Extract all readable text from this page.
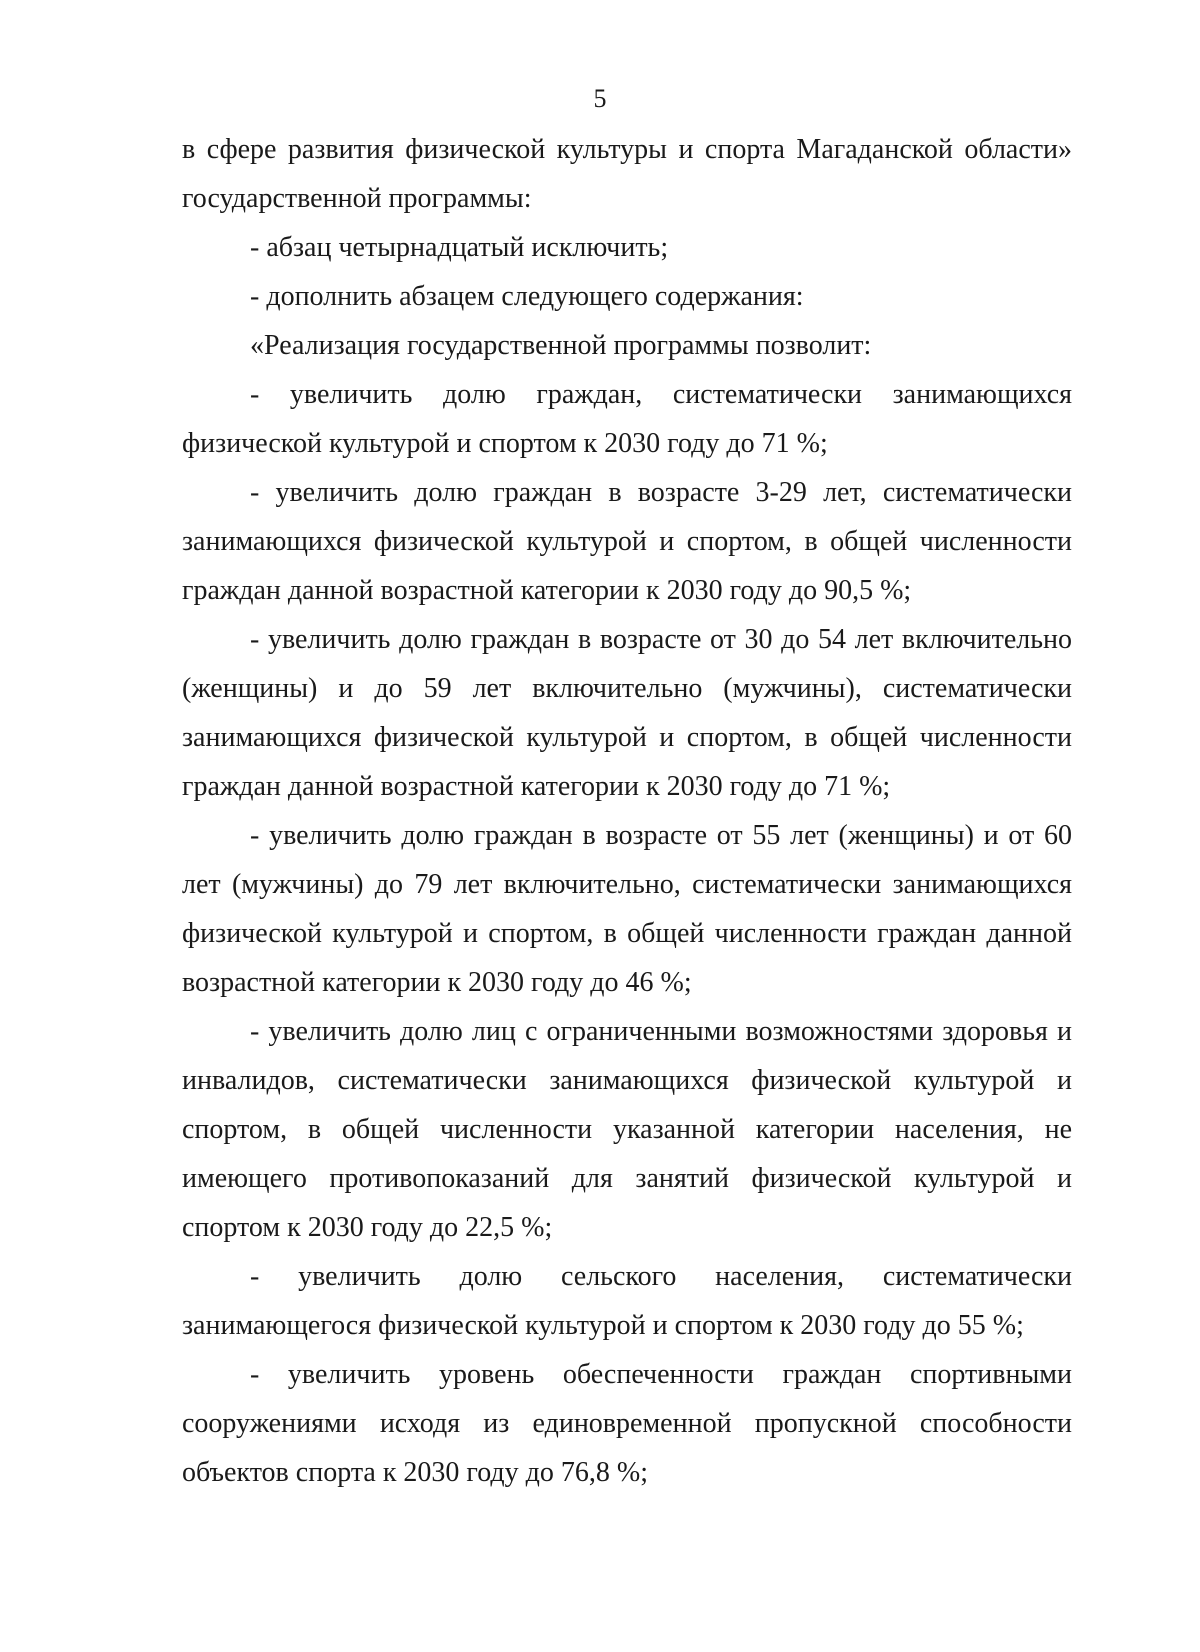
5

в сфере развития физической культуры и спорта Магаданской области» государственной программы:

- абзац четырнадцатый исключить;

- дополнить абзацем следующего содержания:

«Реализация государственной программы позволит:

- увеличить долю граждан, систематически занимающихся физической культурой и спортом к 2030 году до 71 %;

- увеличить долю граждан в возрасте 3-29 лет, систематически занимающихся физической культурой и спортом, в общей численности граждан данной возрастной категории к 2030 году до 90,5 %;

- увеличить долю граждан в возрасте от 30 до 54 лет включительно (женщины) и до 59 лет включительно (мужчины), систематически занимающихся физической культурой и спортом, в общей численности граждан данной возрастной категории к 2030 году до 71 %;

- увеличить долю граждан в возрасте от 55 лет (женщины) и от 60 лет (мужчины) до 79 лет включительно, систематически занимающихся физической культурой и спортом, в общей численности граждан данной возрастной категории к 2030 году до 46 %;

- увеличить долю лиц с ограниченными возможностями здоровья и инвалидов, систематически занимающихся физической культурой и спортом, в общей численности указанной категории населения, не имеющего противопоказаний для занятий физической культурой и спортом к 2030 году до 22,5 %;

- увеличить долю сельского населения, систематически занимающегося физической культурой и спортом к 2030 году до 55 %;

- увеличить уровень обеспеченности граждан спортивными сооружениями исходя из единовременной пропускной способности объектов спорта к 2030 году до 76,8 %;
